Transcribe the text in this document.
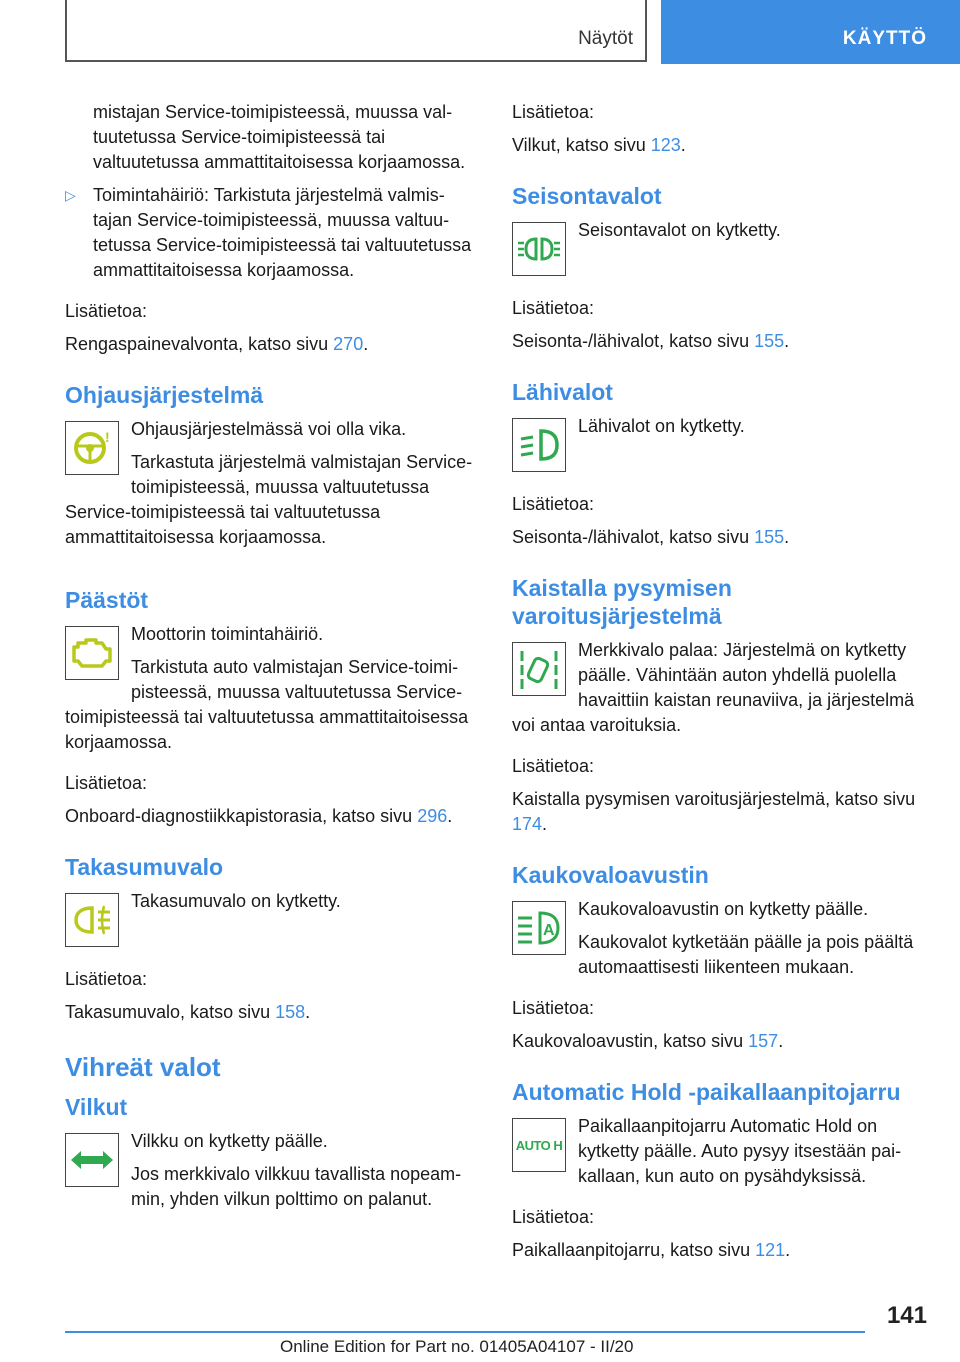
Näytöt	KÄYTTÖ

mistajan Service-toimipisteessä, muussa valtuutetussa Service-toimipisteessä tai valtuutetussa ammattitaitoisessa korjaamossa.

▷ Toimintahäiriö: Tarkistuta järjestelmä valmistajan Service-toimipisteessä, muussa valtuutetussa Service-toimipisteessä tai valtuutetussa ammattitaitoisessa korjaamossa.

Lisätietoa:

Rengaspainevalvonta, katso sivu 270.

Ohjausjärjestelmä
!	Ohjausjärjestelmässä voi olla vika.

Tarkastuta järjestelmä valmistajan Service-toimipisteessä, muussa valtuutetussa Service-toimipisteessä tai valtuutetussa ammattitaitoisessa korjaamossa.

Päästöt

Moottorin toimintahäiriö.

Tarkistuta auto valmistajan Service-toimipisteessä, muussa valtuutetussa Service-toimipisteessä tai valtuutetussa ammattitaitoisessa korjaamossa.

Lisätietoa:

Onboard-diagnostiikkapistorasia, katso sivu 296.

Takasumuvalo

Takasumuvalo on kytketty.

Lisätietoa:

Takasumuvalo, katso sivu 158.

Vihreät valot
Vilkut

Vilkku on kytketty päälle.

Jos merkkivalo vilkkuu tavallista nopeammin, yhden vilkun polttimo on palanut.

Lisätietoa:

Vilkut, katso sivu 123.

Seisontavalot

Seisontavalot on kytketty.

Lisätietoa:

Seisonta-/lähivalot, katso sivu 155.

Lähivalot

Lähivalot on kytketty.

Lisätietoa:

Seisonta-/lähivalot, katso sivu 155.

Kaistalla pysymisen varoitusjärjestelmä

Merkkivalo palaa: Järjestelmä on kytketty päälle. Vähintään auton yhdellä puolella havaittiin kaistan reunaviiva, ja järjestelmä voi antaa varoituksia.

Lisätietoa:

Kaistalla pysymisen varoitusjärjestelmä, katso sivu 174.

Kaukovaloavustin
A

Kaukovaloavustin on kytketty päälle.

Kaukovalot kytketään päälle ja pois päältä automaattisesti liikenteen mukaan.

Lisätietoa:

Kaukovaloavustin, katso sivu 157.

Automatic Hold -paikallaanpitojarru
AUTO H

Paikallaanpitojarru Automatic Hold on kytketty päälle. Auto pysyy itsestään paikallaan, kun auto on pysähdyksissä.

Lisätietoa:

Paikallaanpitojarru, katso sivu 121.

141
Online Edition for Part no. 01405A04107 - II/20
